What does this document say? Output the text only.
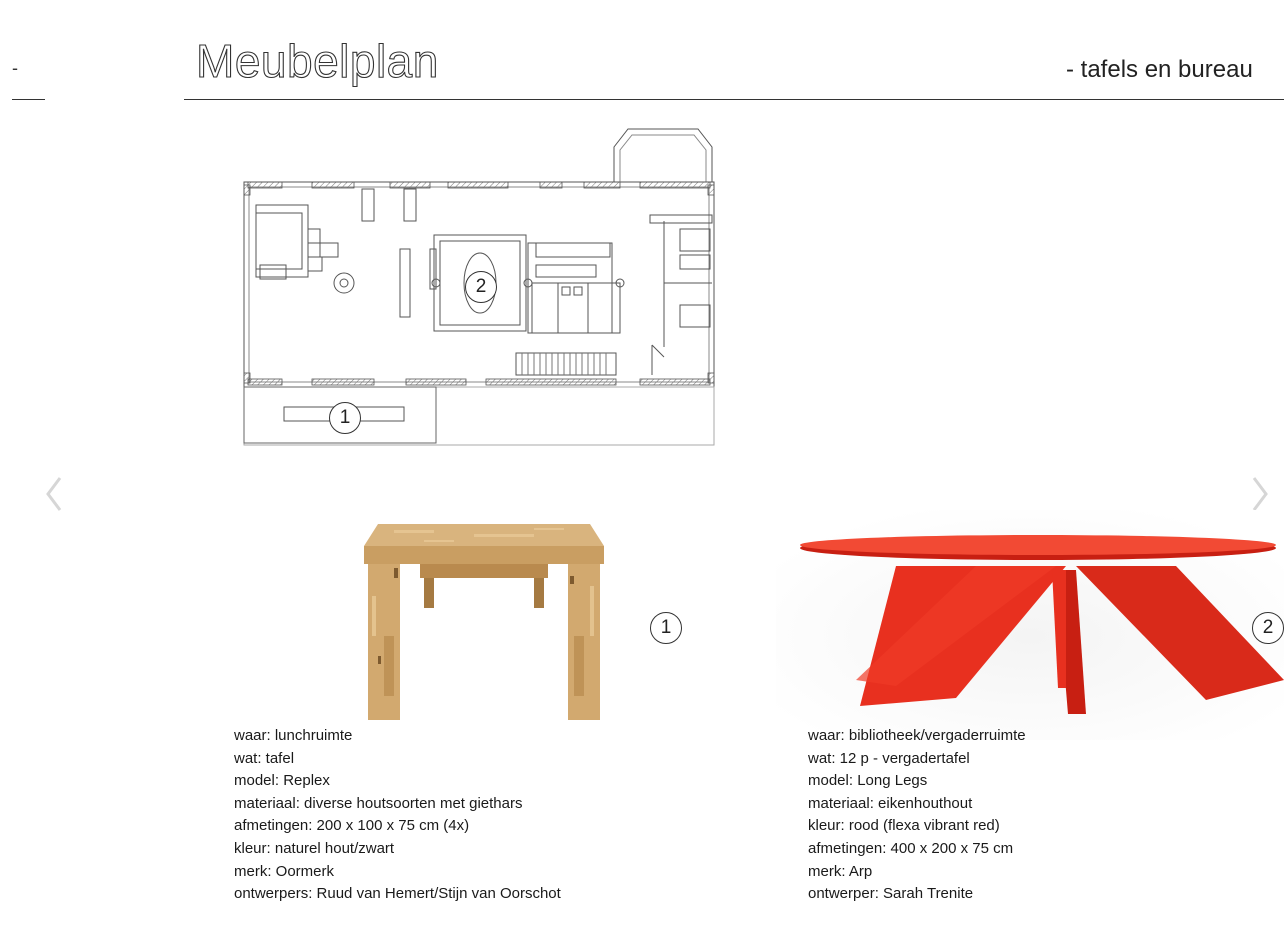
-	Meubelplan	- tafels en bureau
2
1
1
waar: lunchruimte
wat: tafel
model: Replex
materiaal: diverse houtsoorten met giethars
afmetingen: 200 x 100 x 75 cm (4x)
kleur: naturel hout/zwart
merk: Oormerk
ontwerpers: Ruud van Hemert/Stijn van Oorschot
2
waar: bibliotheek/vergaderruimte
wat: 12 p - vergadertafel
model: Long Legs
materiaal: eikenhouthout
kleur: rood (flexa vibrant red)
afmetingen: 400 x 200 x 75 cm
merk: Arp
ontwerper: Sarah Trenite
